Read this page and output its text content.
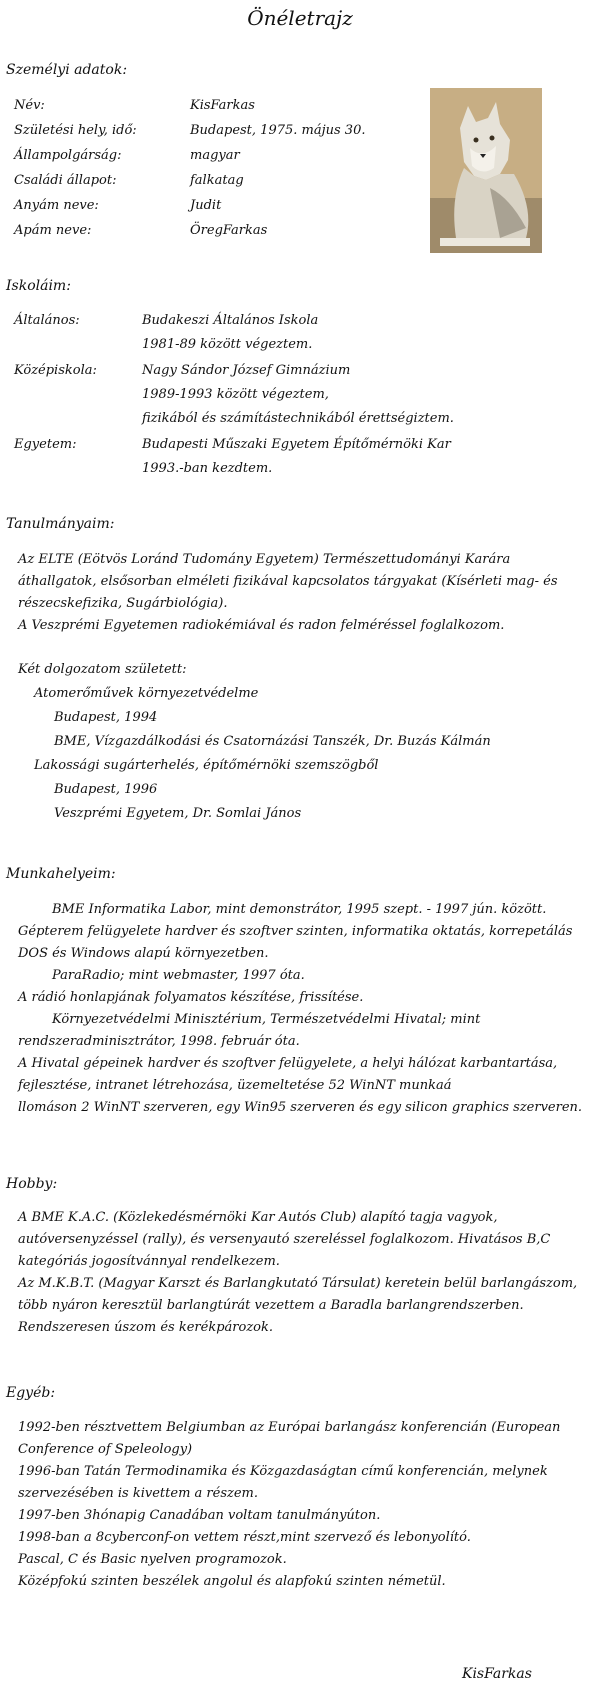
Önéletrajz
Személyi adatok:
Név:	KisFarkas
Születési hely, idő:	Budapest, 1975. május 30.
Állampolgárság:	magyar
Családi állapot:	falkatag
Anyám neve:	Judit
Apám neve:	ÖregFarkas
Iskoláim:
Általános:	Budakeszi Általános Iskola
1981-89 között végeztem.
Középiskola:	Nagy Sándor József Gimnázium
1989-1993 között végeztem,
fizikából és számítástechnikából érettségiztem.
Egyetem:	Budapesti Műszaki Egyetem Építőmérnöki Kar
1993.-ban kezdtem.
Tanulmányaim:
Az ELTE (Eötvös Loránd Tudomány Egyetem) Természettudományi Karára
áthallgatok, elsősorban elméleti fizikával kapcsolatos tárgyakat (Kísérleti mag- és
részecskefizika, Sugárbiológia).
A Veszprémi Egyetemen radiokémiával és radon felméréssel foglalkozom.
Két dolgozatom született:
Atomerőművek környezetvédelme
Budapest, 1994
BME, Vízgazdálkodási és Csatornázási Tanszék, Dr. Buzás Kálmán
Lakossági sugárterhelés, építőmérnöki szemszögből
Budapest, 1996
Veszprémi Egyetem, Dr. Somlai János
Munkahelyeim:
BME Informatika Labor, mint demonstrátor, 1995 szept. - 1997 jún. között.
Gépterem felügyelete hardver és szoftver szinten, informatika oktatás, korrepetálás
DOS és Windows alapú környezetben.
ParaRadio; mint webmaster, 1997 óta.
A rádió honlapjának folyamatos készítése, frissítése.
Környezetvédelmi Minisztérium, Természetvédelmi Hivatal; mint
rendszeradminisztrátor, 1998. február óta.
A Hivatal gépeinek hardver és szoftver felügyelete, a helyi hálózat karbantartása,
fejlesztése, intranet létrehozása, üzemeltetése 52 WinNT munkaá
llomáson 2 WinNT szerveren, egy Win95 szerveren és egy silicon graphics szerveren.
Hobby:
A BME K.A.C. (Közlekedésmérnöki Kar Autós Club) alapító tagja vagyok,
autóversenyzéssel (rally), és versenyautó szereléssel foglalkozom. Hivatásos B,C
kategóriás jogosítvánnyal rendelkezem.
Az M.K.B.T. (Magyar Karszt és Barlangkutató Társulat) keretein belül barlangászom,
több nyáron keresztül barlangtúrát vezettem a Baradla barlangrendszerben.
Rendszeresen úszom és kerékpározok.
Egyéb:
1992-ben résztvettem Belgiumban az Európai barlangász konferencián (European
Conference of Speleology)
1996-ban Tatán Termodinamika és Közgazdaságtan című konferencián, melynek
szervezésében is kivettem a részem.
1997-ben 3hónapig Canadában voltam tanulmányúton.
1998-ban a 8cyberconf-on vettem részt,mint szervező és lebonyolító.
Pascal, C és Basic nyelven programozok.
Középfokú szinten beszélek angolul és alapfokú szinten németül.
KisFarkas
